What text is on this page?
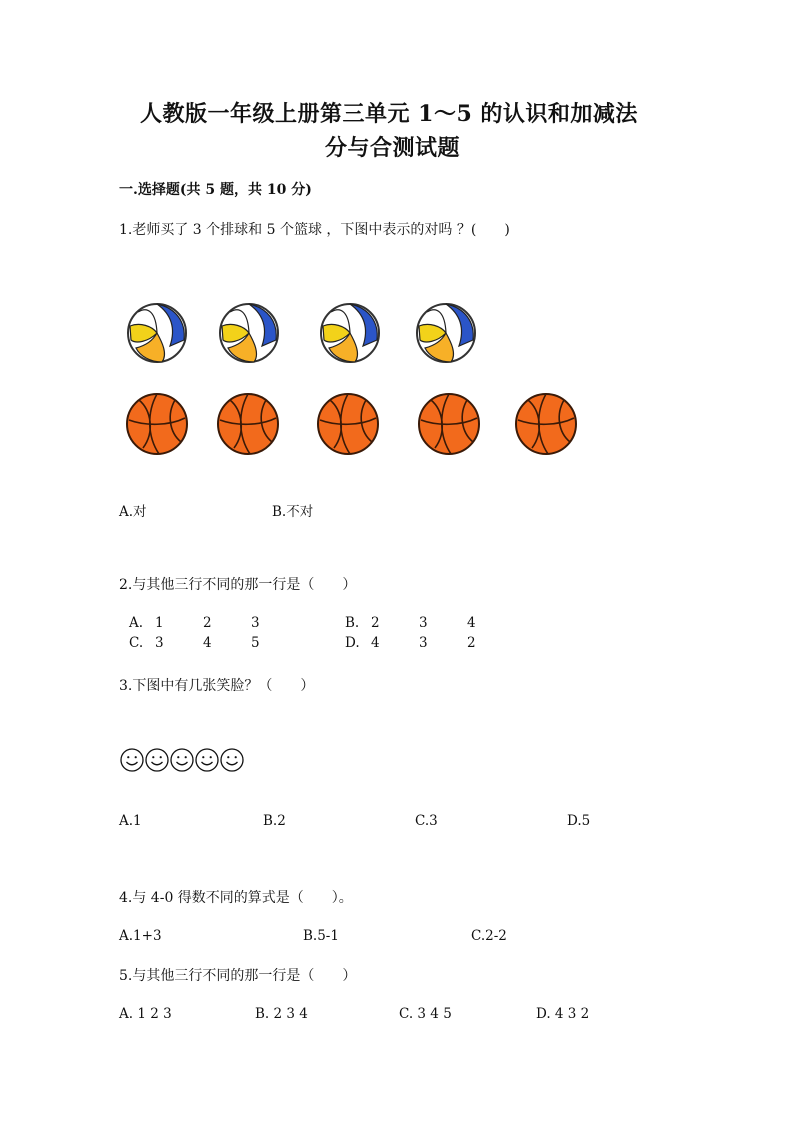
人教版一年级上册第三单元 1～5 的认识和加减法
分与合测试题
一.选择题(共 5 题，共 10 分)
1.老师买了 3 个排球和 5 个篮球 ，下图中表示的对吗 ？(　　)
A.对	B.不对
2.与其他三行不同的那一行是（　　）
A. 1	2	3	B. 2	3	4
C. 3	4	5	D. 4	3	2
3.下图中有几张笑脸？（　　）
A.1	B.2	C.3	D.5
4.与 4-0 得数不同的算式是（　　）。
A.1+3	B.5-1	C.2-2
5.与其他三行不同的那一行是（　　）
A. 1 2 3	B. 2 3 4	C. 3 4 5	D. 4 3 2
